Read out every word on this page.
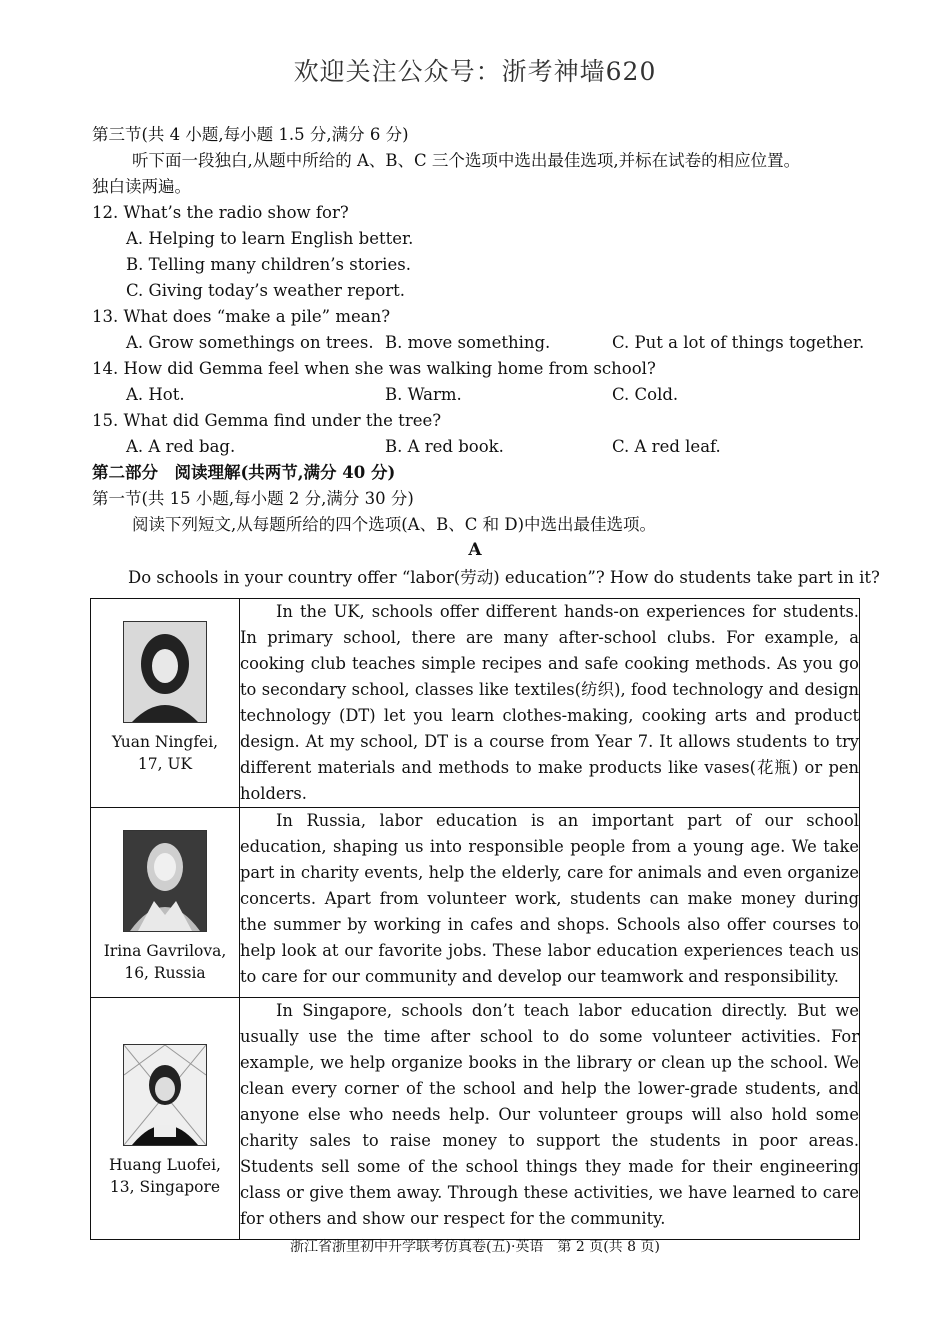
欢迎关注公众号：浙考神墙620
第三节(共 4 小题,每小题 1.5 分,满分 6 分)
听下面一段独白,从题中所给的 A、B、C 三个选项中选出最佳选项,并标在试卷的相应位置。
独白读两遍。
12. What’s the radio show for?
A. Helping to learn English better.
B. Telling many children’s stories.
C. Giving today’s weather report.
13. What does “make a pile” mean?
A. Grow somethings on trees. B. move something.	C. Put a lot of things together.
14. How did Gemma feel when she was walking home from school?
A. Hot.	B. Warm.	C. Cold.
15. What did Gemma find under the tree?
A. A red bag.	B. A red book.	C. A red leaf.
第二部分　阅读理解(共两节,满分 40 分)
第一节(共 15 小题,每小题 2 分,满分 30 分)
阅读下列短文,从每题所给的四个选项(A、B、C 和 D)中选出最佳选项。
A
Do schools in your country offer “labor(劳动) education”? How do students take part in it?
Yuan Ningfei,
17, UK	In the UK, schools offer different hands-on experiences for students. In primary school, there are many after-school clubs. For example, a cooking club teaches simple recipes and safe cooking methods. As you go to secondary school, classes like textiles(纺织), food technology and design technology (DT) let you learn clothes-making, cooking arts and product design. At my school, DT is a course from Year 7. It allows students to try different materials and methods to make products like vases(花瓶) or pen holders.

Irina Gavrilova,
16, Russia	In Russia, labor education is an important part of our school education, shaping us into responsible people from a young age. We take part in charity events, help the elderly, care for animals and even organize concerts. Apart from volunteer work, students can make money during the summer by working in cafes and shops. Schools also offer courses to help look at our favorite jobs. These labor education experiences teach us to care for our community and develop our teamwork and responsibility.

Huang Luofei,
13, Singapore	In Singapore, schools don’t teach labor education directly. But we usually use the time after school to do some volunteer activities. For example, we help organize books in the library or clean up the school. We clean every corner of the school and help the lower-grade students, and anyone else who needs help. Our volunteer groups will also hold some charity sales to raise money to support the students in poor areas. Students sell some of the school things they made for their engineering class or give them away. Through these activities, we have learned to care for others and show our respect for the community.

浙江省浙里初中升学联考仿真卷(五)·英语　第 2 页(共 8 页)
